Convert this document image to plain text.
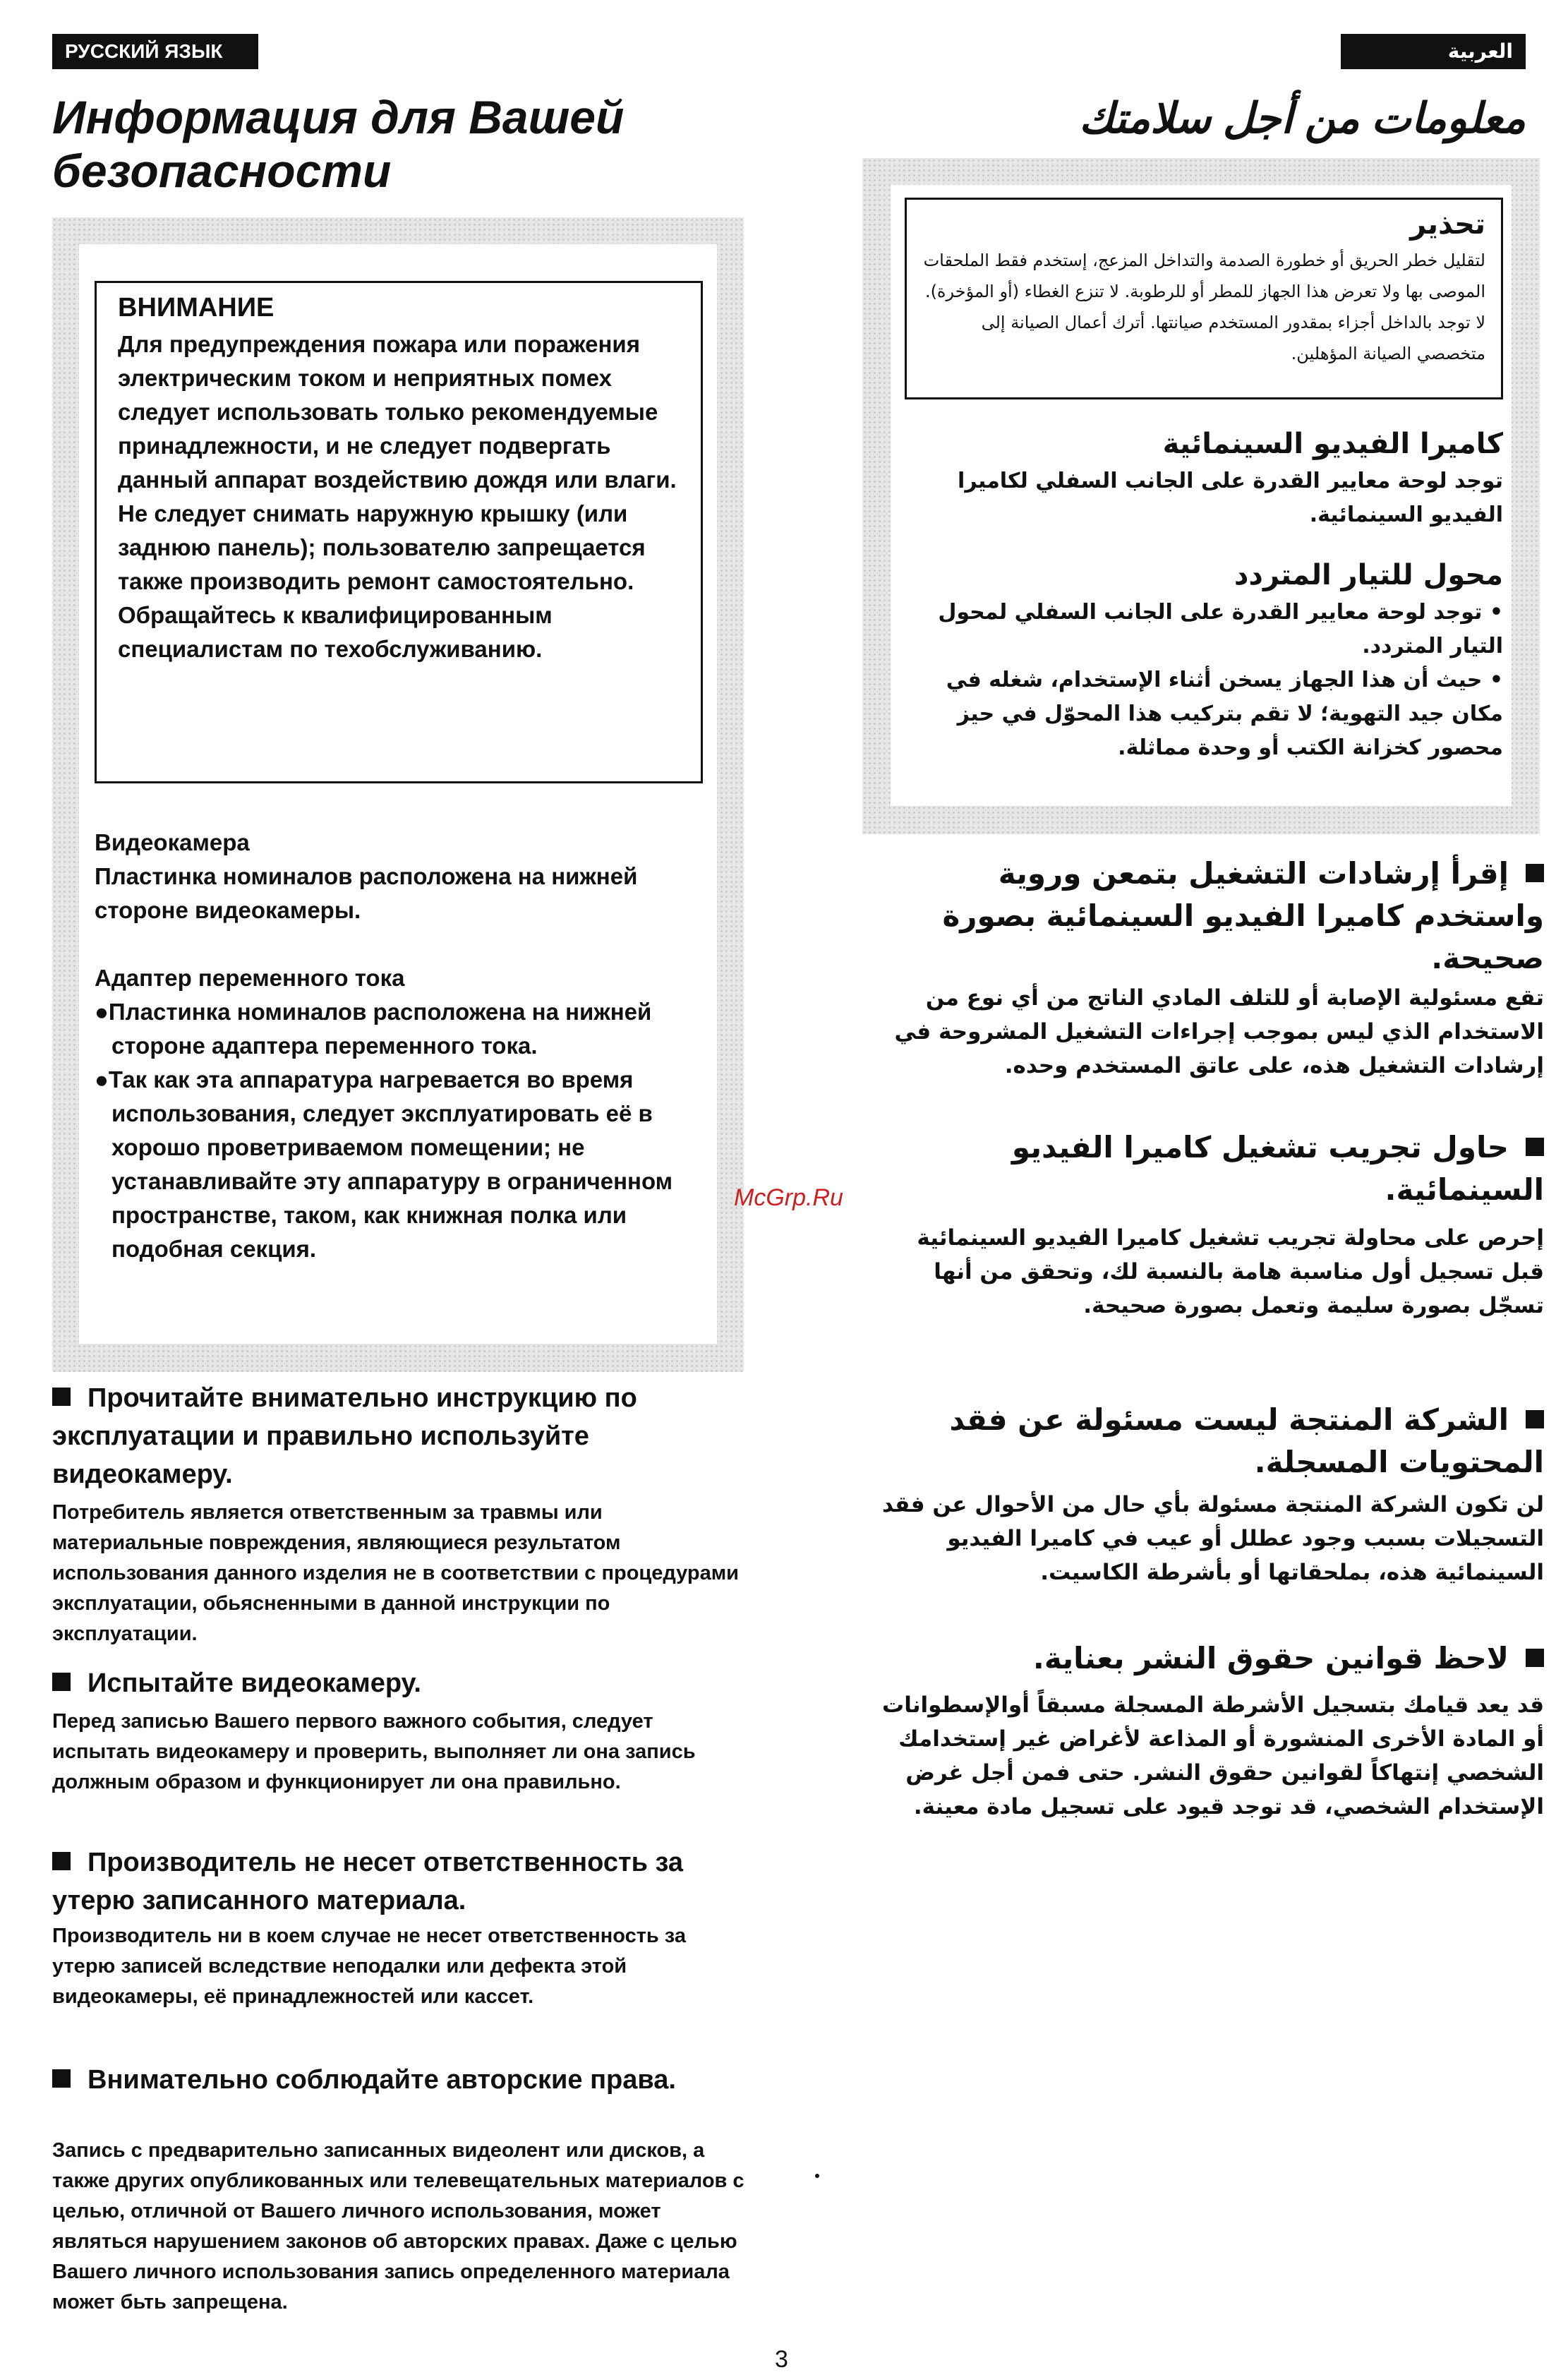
РУССКИЙ ЯЗЫК	العربية
Информация для Вашей безопасности
معلومات من أجل سلامتك
ВНИМАНИЕ
Для предупреждения пожара или поражения электрическим током и неприятных помех следует использовать только рекомендуемые принадлежности, и не следует подвергать данный аппарат воздействию дождя или влаги. Не следует снимать наружную крышку (или заднюю панель); пользователю запрещается также производить ремонт самостоятельно. Обращайтесь к квалифицированным специалистам по техобслуживанию.
Видеокамера
Пластинка номиналов расположена на нижней стороне видеокамеры.
Адаптер переменного тока
●Пластинка номиналов расположена на нижней стороне адаптера переменного тока.
●Так как эта аппаратура нагревается во время использования, следует эксплуатировать её в хорошо проветриваемом помещении; не устанавливайте эту аппаратуру в ограниченном пространстве, таком, как книжная полка или подобная секция.
Прочитайте внимательно инструкцию по эксплуатации и правильно используйте видеокамеру.
Потребитель является ответственным за травмы или материальные повреждения, являющиеся результатом использования данного изделия не в соответствии с процедурами эксплуатации, обьясненными в данной инструкции по эксплуатации.
Испытайте видеокамеру.
Перед записью Вашего первого важного события, следует испытать видеокамеру и проверить, выполняет ли она запись должным образом и функционирует ли она правильно.
Производитель не несет ответственность за утерю записанного материала.
Производитель ни в коем случае не несет ответственность за утерю записей вследствие неподалки или дефекта этой видеокамеры, её принадлежностей или кассет.
Внимательно соблюдайте авторские права.
Запись с предварительно записанных видеолент или дисков, а также других опубликованных или телевещательных материалов с целью, отличной от Вашего личного использования, может являться нарушением законов об авторских правах. Даже с целью Вашего личного использования запись определенного материала может бьть запрещена.
تحذير
لتقليل خطر الحريق أو خطورة الصدمة والتداخل المزعج، إستخدم فقط الملحقات الموصى بها ولا تعرض هذا الجهاز للمطر أو للرطوبة. لا تنزع الغطاء (أو المؤخرة). لا توجد بالداخل أجزاء بمقدور المستخدم صيانتها. أترك أعمال الصيانة إلى متخصصي الصيانة المؤهلين.
كاميرا الفيديو السينمائية
توجد لوحة معايير القدرة على الجانب السفلي لكاميرا الفيديو السينمائية.
محول للتيار المتردد
• توجد لوحة معايير القدرة على الجانب السفلي لمحول التيار المتردد.
• حيث أن هذا الجهاز يسخن أثناء الإستخدام، شغله في مكان جيد التهوية؛ لا تقم بتركيب هذا المحوّل في حيز محصور كخزانة الكتب أو وحدة مماثلة.
إقرأ إرشادات التشغيل بتمعن وروية واستخدم كاميرا الفيديو السينمائية بصورة صحيحة.
تقع مسئولية الإصابة أو للتلف المادي الناتج من أي نوع من الاستخدام الذي ليس بموجب إجراءات التشغيل المشروحة في إرشادات التشغيل هذه، على عاتق المستخدم وحده.
حاول تجريب تشغيل كاميرا الفيديو السينمائية.
إحرص على محاولة تجريب تشغيل كاميرا الفيديو السينمائية قبل تسجيل أول مناسبة هامة بالنسبة لك، وتحقق من أنها تسجّل بصورة سليمة وتعمل بصورة صحيحة.
الشركة المنتجة ليست مسئولة عن فقد المحتويات المسجلة.
لن تكون الشركة المنتجة مسئولة بأي حال من الأحوال عن فقد التسجيلات بسبب وجود عطلل أو عيب في كاميرا الفيديو السينمائية هذه، بملحقاتها أو بأشرطة الكاسيت.
لاحظ قوانين حقوق النشر بعناية.
قد يعد قيامك بتسجيل الأشرطة المسجلة مسبقاً أوالإسطوانات أو المادة الأخرى المنشورة أو المذاعة لأغراض غير إستخدامك الشخصي إنتهاكاً لقوانين حقوق النشر. حتى فمن أجل غرض الإستخدام الشخصي، قد توجد قيود على تسجيل مادة معينة.
McGrp.Ru
3
